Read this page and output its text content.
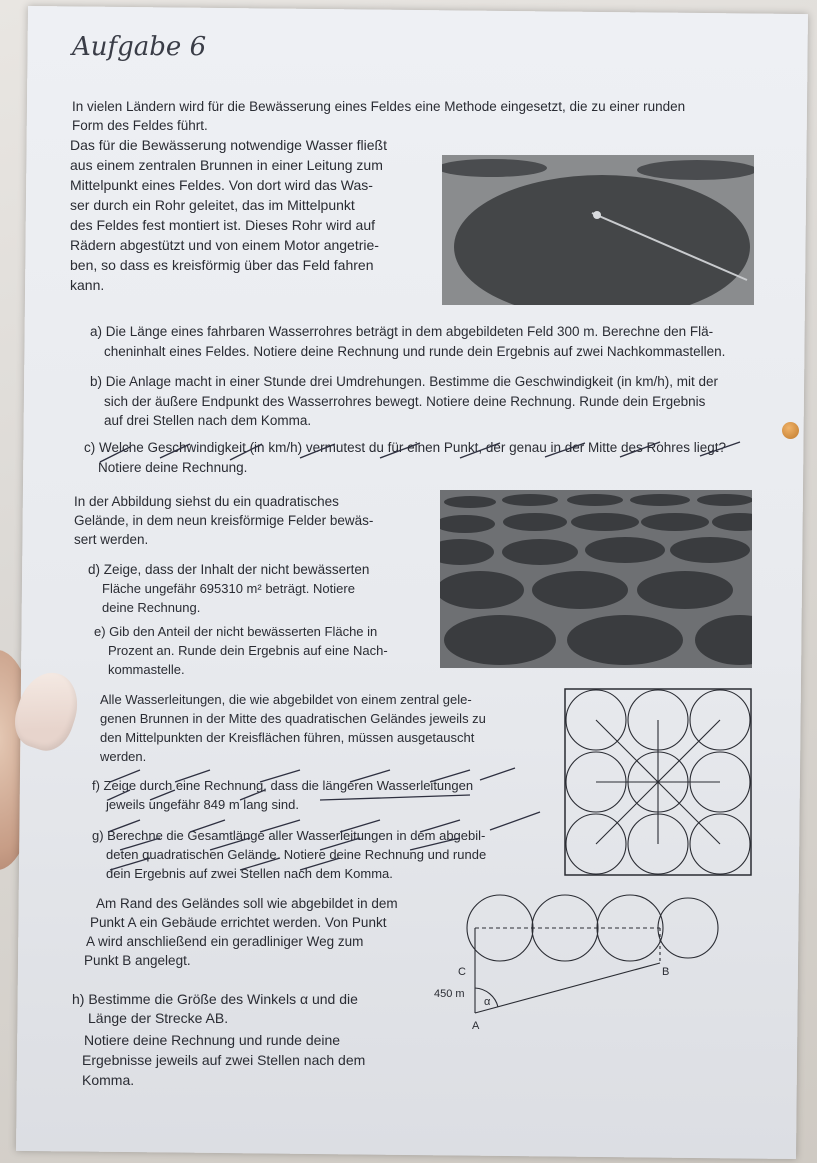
Aufgabe 6
In vielen Ländern wird für die Bewässerung eines Feldes eine Methode eingesetzt, die zu einer runden
Form des Feldes führt.
Das für die Bewässerung notwendige Wasser fließt
aus einem zentralen Brunnen in einer Leitung zum
Mittelpunkt eines Feldes. Von dort wird das Was-
ser durch ein Rohr geleitet, das im Mittelpunkt
des Feldes fest montiert ist. Dieses Rohr wird auf
Rädern abgestützt und von einem Motor angetrie-
ben, so dass es kreisförmig über das Feld fahren
kann.
a) Die Länge eines fahrbaren Wasserrohres beträgt in dem abgebildeten Feld 300 m. Berechne den Flä-
cheninhalt eines Feldes. Notiere deine Rechnung und runde dein Ergebnis auf zwei Nachkommastellen.
b) Die Anlage macht in einer Stunde drei Umdrehungen. Bestimme die Geschwindigkeit (in km/h), mit der
sich der äußere Endpunkt des Wasserrohres bewegt. Notiere deine Rechnung. Runde dein Ergebnis
auf drei Stellen nach dem Komma.
c) Welche Geschwindigkeit (in km/h) vermutest du für einen Punkt, der genau in der Mitte des Rohres liegt?
Notiere deine Rechnung.
In der Abbildung siehst du ein quadratisches
Gelände, in dem neun kreisförmige Felder bewäs-
sert werden.
d) Zeige, dass der Inhalt der nicht bewässerten
Fläche ungefähr 695310 m² beträgt. Notiere
deine Rechnung.
e) Gib den Anteil der nicht bewässerten Fläche in
Prozent an. Runde dein Ergebnis auf eine Nach-
kommastelle.
Alle Wasserleitungen, die wie abgebildet von einem zentral gele-
genen Brunnen in der Mitte des quadratischen Geländes jeweils zu
den Mittelpunkten der Kreisflächen führen, müssen ausgetauscht
werden.
f) Zeige durch eine Rechnung, dass die längeren Wasserleitungen
jeweils ungefähr 849 m lang sind.
g) Berechne die Gesamtlänge aller Wasserleitungen in dem abgebil-
deten quadratischen Gelände. Notiere deine Rechnung und runde
dein Ergebnis auf zwei Stellen nach dem Komma.
Am Rand des Geländes soll wie abgebildet in dem
Punkt A ein Gebäude errichtet werden. Von Punkt
A wird anschließend ein geradliniger Weg zum
Punkt B angelegt.
C	B
A
α
450 m
h) Bestimme die Größe des Winkels α und die
Länge der Strecke AB.
Notiere deine Rechnung und runde deine
Ergebnisse jeweils auf zwei Stellen nach dem
Komma.
